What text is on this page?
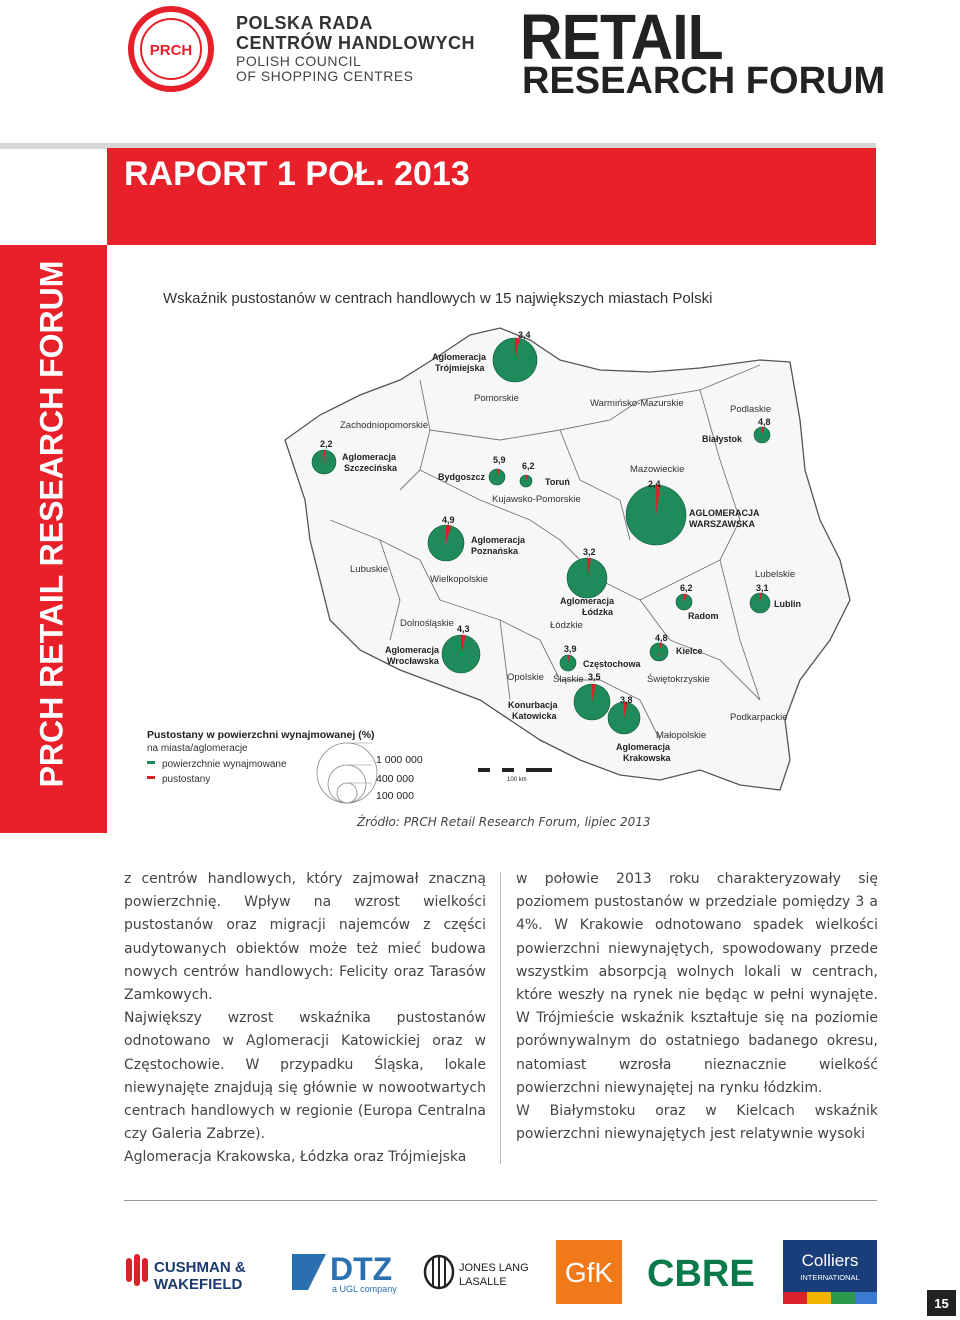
PRCH
POLSKA RADA
CENTRÓW HANDLOWYCH
POLISH COUNCIL
OF SHOPPING CENTRES
RETAIL
RESEARCH FORUM
RAPORT 1 POŁ. 2013
PRCH RETAIL RESEARCH FORUM	Wskaźnik pustostanów w centrach handlowych w 15 największych miastach Polski
Zachodniopomorskie
Pomorskie	Warmińsko-Mazurskie
Podlaskie
Kujawsko-Pomorskie
Mazowieckie
Lubuskie
Wielkopolskie	Lubelskie
Łódzkie
Dolnośląskie
Opolskie Śląskie	Świętokrzyskie
Małopolskie
Podkarpackie
Aglomeracja
Trójmiejska
3,4
Aglomeracja
Szczecińska
2,2
Bydgoszcz
5,9
Toruń
6,2
Białystok
4,8
AGLOMERACJA
WARSZAWSKA
2,4
Aglomeracja
Poznańska
4,9
Aglomeracja
Łódzka
3,2
Radom
6,2
Lublin
3,1
Aglomeracja
Wrocławska
4,3
Kielce
4,8
Częstochowa
3,9
Konurbacja
Katowicka
3,5
Aglomeracja
Krakowska
3,8
Pustostany w powierzchni wynajmowanej (%)
na miasta/aglomeracje
powierzchnie wynajmowane
pustostany
1 000 000
400 000
100 000
100 km
Źródło: PRCH Retail Research Forum, lipiec 2013

z centrów handlowych, który zajmował znaczną powierzchnię. Wpływ na wzrost wielkości pustostanów oraz migracji najemców z części audytowanych obiektów może też mieć budowa nowych centrów handlowych: Felicity oraz Tarasów Zamkowych.

Największy wzrost wskaźnika pustostanów odnotowano w Aglomeracji Katowickiej oraz w Częstochowie. W przypadku Śląska, lokale niewynajęte znajdują się głównie w nowootwartych centrach handlowych w regionie (Europa Centralna czy Galeria Zabrze).

Aglomeracja Krakowska, Łódzka oraz Trójmiejska

w połowie 2013 roku charakteryzowały się poziomem pustostanów w przedziale pomiędzy 3 a 4%. W Krakowie odnotowano spadek wielkości powierzchni niewynajętych, spowodowany przede wszystkim absorpcją wolnych lokali w centrach, które weszły na rynek nie będąc w pełni wynajęte. W Trójmieście wskaźnik kształtuje się na poziomie porównywalnym do ostatniego badanego okresu, natomiast wzrosła nieznacznie wielkość powierzchni niewynajętej na rynku łódzkim.

W Białymstoku oraz w Kielcach wskaźnik powierzchni niewynajętych jest relatywnie wysoki

CUSHMAN &
WAKEFIELD	DTZ
a UGL company
JONES LANG
LASALLE GfK CBRE	Colliers
INTERNATIONAL
15
